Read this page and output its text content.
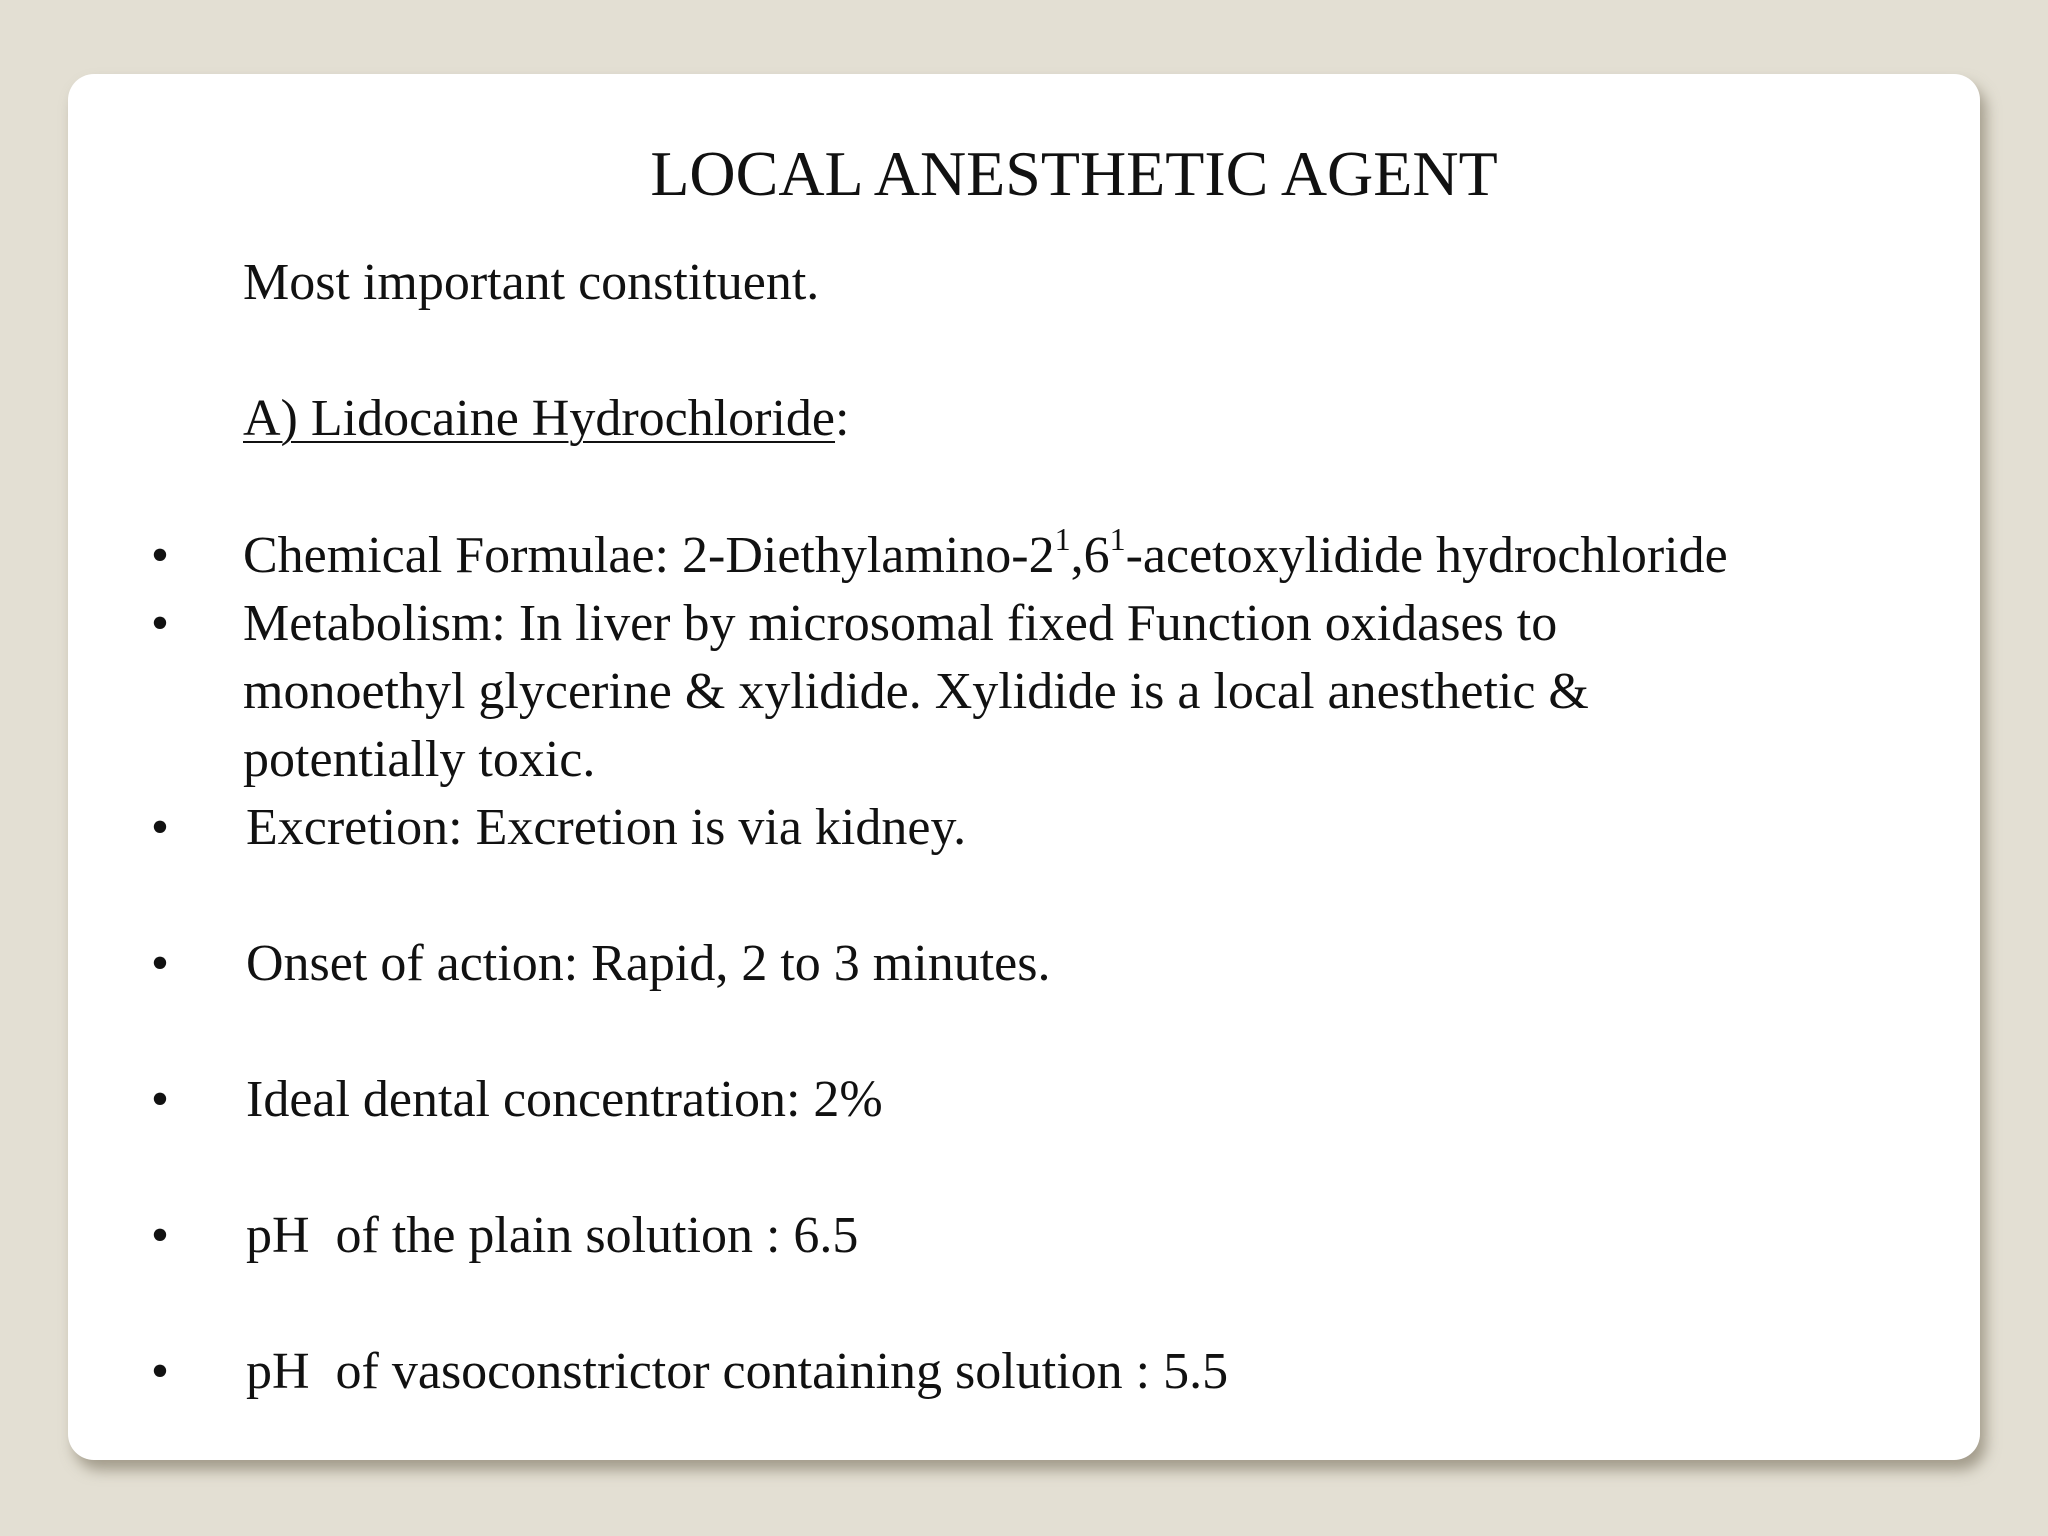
LOCAL ANESTHETIC AGENT
Most important constituent.
A) Lidocaine Hydrochloride:
• Chemical Formulae: $2-Diethylamino-2^1,6^1$-acetoxylidide hydrochloride
• Metabolism: In liver by microsomal fixed Function oxidases to
monoethyl glycerine & xylidide. Xylidide is a local anesthetic &
potentially toxic.
• Excretion: Excretion is via kidney.
• Onset of action: Rapid, 2 to 3 minutes.
• Ideal dental concentration: 2%
• pH  of the plain solution : 6.5
• pH  of vasoconstrictor containing solution : 5.5
